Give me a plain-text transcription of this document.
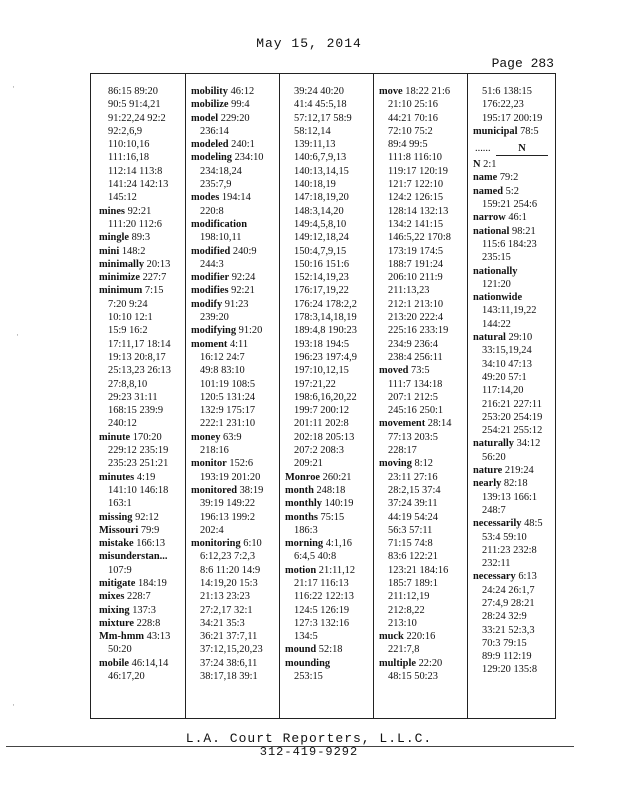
May 15, 2014
Page 283
·
·
·

86:15 89:20

90:5 91:4,21

91:22,24 92:2

92:2,6,9

110:10,16

111:16,18

112:14 113:8

141:24 142:13

145:12

mines 92:21

111:20 112:6

mingle 89:3

mini 148:2

minimally 20:13

minimize 227:7

minimum 7:15

7:20 9:24

10:10 12:1

15:9 16:2

17:11,17 18:14

19:13 20:8,17

25:13,23 26:13

27:8,8,10

29:23 31:11

168:15 239:9

240:12

minute 170:20

229:12 235:19

235:23 251:21

minutes 4:19

141:10 146:18

163:1

missing 92:12

Missouri 79:9

mistake 166:13

misunderstan...

107:9

mitigate 184:19

mixes 228:7

mixing 137:3

mixture 228:8

Mm-hmm 43:13

50:20

mobile 46:14,14

46:17,20

mobility 46:12

mobilize 99:4

model 229:20

236:14

modeled 240:1

modeling 234:10

234:18,24

235:7,9

modes 194:14

220:8

modification

198:10,11

modified 240:9

244:3

modifier 92:24

modifies 92:21

modify 91:23

239:20

modifying 91:20

moment 4:11

16:12 24:7

49:8 83:10

101:19 108:5

120:5 131:24

132:9 175:17

222:1 231:10

money 63:9

218:16

monitor 152:6

193:19 201:20

monitored 38:19

39:19 149:22

196:13 199:2

202:4

monitoring 6:10

6:12,23 7:2,3

8:6 11:20 14:9

14:19,20 15:3

21:13 23:23

27:2,17 32:1

34:21 35:3

36:21 37:7,11

37:12,15,20,23

37:24 38:6,11

38:17,18 39:1

39:24 40:20

41:4 45:5,18

57:12,17 58:9

58:12,14

139:11,13

140:6,7,9,13

140:13,14,15

140:18,19

147:18,19,20

148:3,14,20

149:4,5,8,10

149:12,18,24

150:4,7,9,15

150:16 151:6

152:14,19,23

176:17,19,22

176:24 178:2,2

178:3,14,18,19

189:4,8 190:23

193:18 194:5

196:23 197:4,9

197:10,12,15

197:21,22

198:6,16,20,22

199:7 200:12

201:11 202:8

202:18 205:13

207:2 208:3

209:21

Monroe 260:21

month 248:18

monthly 140:19

months 75:15

186:3

morning 4:1,16

6:4,5 40:8

motion 21:11,12

21:17 116:13

116:22 122:13

124:5 126:19

127:3 132:16

134:5

mound 52:18

mounding

253:15

move 18:22 21:6

21:10 25:16

44:21 70:16

72:10 75:2

89:4 99:5

111:8 116:10

119:17 120:19

121:7 122:10

124:2 126:15

128:14 132:13

134:2 141:15

146:5,22 170:8

173:19 174:5

188:7 191:24

206:10 211:9

211:13,23

212:1 213:10

213:20 222:4

225:16 233:19

234:9 236:4

238:4 256:11

moved 73:5

111:7 134:18

207:1 212:5

245:16 250:1

movement 28:14

77:13 203:5

228:17

moving 8:12

23:11 27:16

28:2,15 37:4

37:24 39:11

44:19 54:24

56:3 57:11

71:15 74:8

83:6 122:21

123:21 184:16

185:7 189:1

211:12,19

212:8,22

213:10

muck 220:16

221:7,8

multiple 22:20

48:15 50:23

51:6 138:15

176:22,23

195:17 200:19

municipal 78:5

......	N

N 2:1

name 79:2

named 5:2

159:21 254:6

narrow 46:1

national 98:21

115:6 184:23

235:15

nationally

121:20

nationwide

143:11,19,22

144:22

natural 29:10

33:15,19,24

34:10 47:13

49:20 57:1

117:14,20

216:21 227:11

253:20 254:19

254:21 255:12

naturally 34:12

56:20

nature 219:24

nearly 82:18

139:13 166:1

248:7

necessarily 48:5

53:4 59:10

211:23 232:8

232:11

necessary 6:13

24:24 26:1,7

27:4,9 28:21

28:24 32:9

33:21 52:3,3

70:3 79:15

89:9 112:19

129:20 135:8

L.A. Court Reporters, L.L.C.
312-419-9292
